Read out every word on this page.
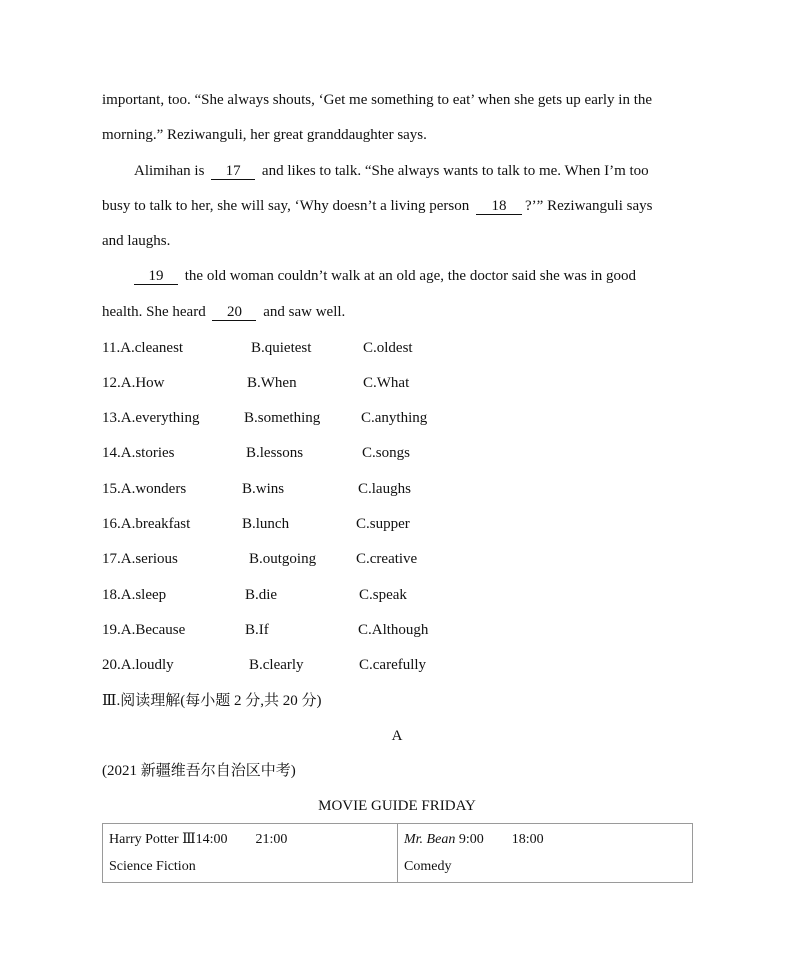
important, too. “She always shouts, ‘Get me something to eat’ when she gets up early in the
morning.” Reziwanguli, her great granddaughter says.
Alimihan is 17 and likes to talk. “She always wants to talk to me. When I’m too
busy to talk to her, she will say, ‘Why doesn’t a living person 18 ?’” Reziwanguli says
and laughs.
19 the old woman couldn’t walk at an old age, the doctor said she was in good
health. She heard 20 and saw well.
11.A.cleanest	B.quietest	C.oldest
12.A.How	B.When	C.What
13.A.everything	B.something	C.anything
14.A.stories	B.lessons	C.songs
15.A.wonders	B.wins	C.laughs
16.A.breakfast	B.lunch	C.supper
17.A.serious	B.outgoing	C.creative
18.A.sleep	B.die	C.speak
19.A.Because	B.If	C.Although
20.A.loudly	B.clearly	C.carefully
Ⅲ.阅读理解(每小题 2 分,共 20 分)
A
(2021 新疆维吾尔自治区中考)
MOVIE GUIDE FRIDAY
Harry Potter Ⅲ14:00 21:00
Science Fiction

Mr. Bean 9:00 18:00
Comedy
